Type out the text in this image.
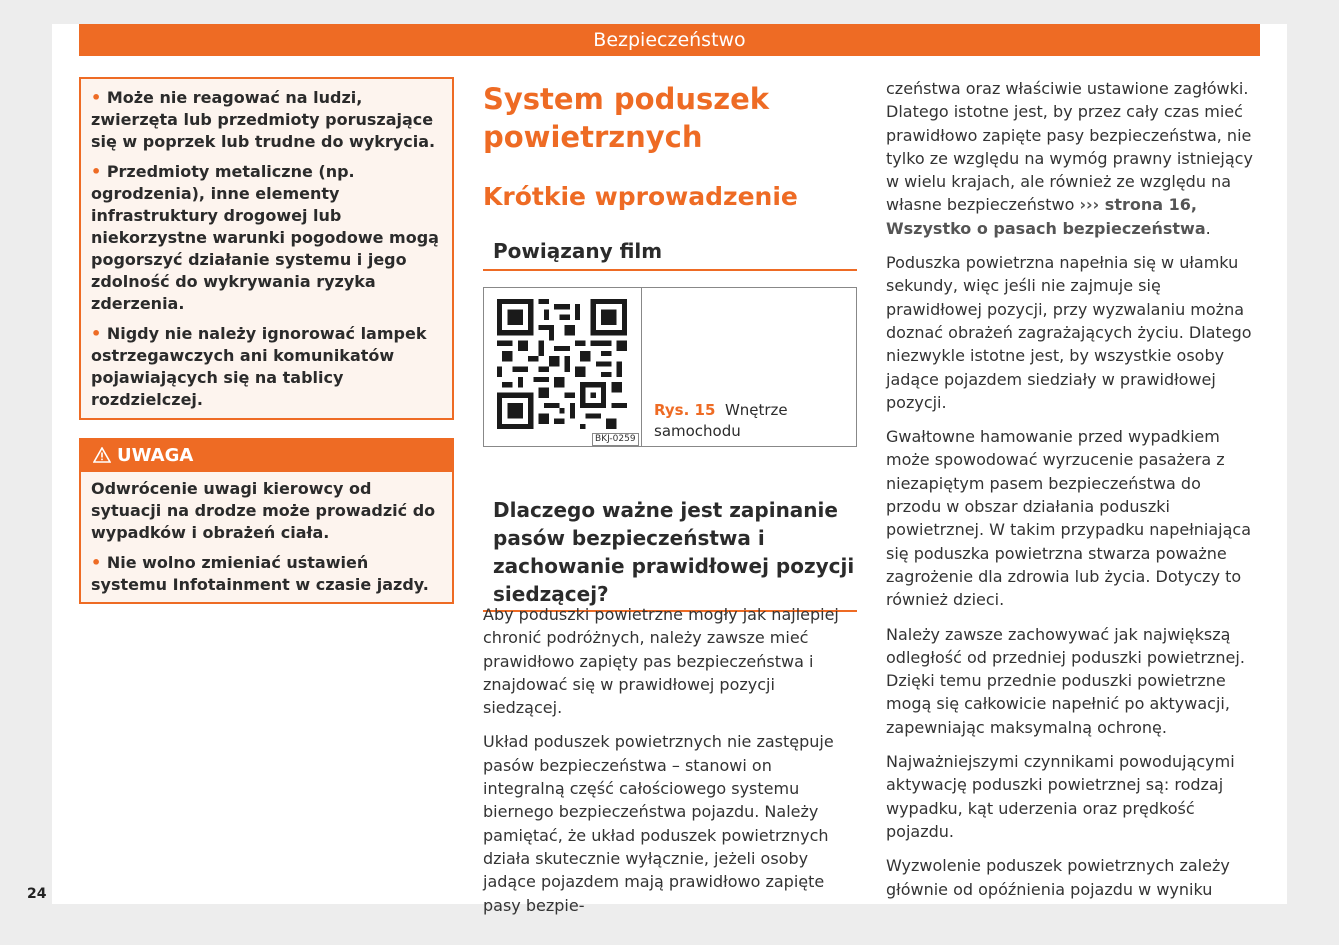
Bezpieczeństwo

• Może nie reagować na ludzi, zwierzęta lub przedmioty poruszające się w poprzek lub trudne do wykrycia.

• Przedmioty metaliczne (np. ogrodzenia), inne elementy infrastruktury drogowej lub niekorzystne warunki pogodowe mogą pogorszyć działanie systemu i jego zdolność do wykrywania ryzyka zderzenia.

• Nigdy nie należy ignorować lampek ostrzegawczych ani komunikatów pojawiających się na tablicy rozdzielczej.

UWAGA

Odwrócenie uwagi kierowcy od sytuacji na drodze może prowadzić do wypadków i obrażeń ciała.

• Nie wolno zmieniać ustawień systemu Infotainment w czasie jazdy.

System poduszek powietrznych
Krótkie wprowadzenie
Powiązany film
BKJ-0259
Rys. 15 Wnętrze samochodu
Dlaczego ważne jest zapinanie pasów bezpieczeństwa i zachowanie prawidłowej pozycji siedzącej?

Aby poduszki powietrzne mogły jak najlepiej chronić podróżnych, należy zawsze mieć prawidłowo zapięty pas bezpieczeństwa i znajdować się w prawidłowej pozycji siedzącej.

Układ poduszek powietrznych nie zastępuje pasów bezpieczeństwa – stanowi on integralną część całościowego systemu biernego bezpieczeństwa pojazdu. Należy pamiętać, że układ poduszek powietrznych działa skutecznie wyłącznie, jeżeli osoby jadące pojazdem mają prawidłowo zapięte pasy bezpie-

czeństwa oraz właściwie ustawione zagłówki. Dlatego istotne jest, by przez cały czas mieć prawidłowo zapięte pasy bezpieczeństwa, nie tylko ze względu na wymóg prawny istniejący w wielu krajach, ale również ze względu na własne bezpieczeństwo ››› strona 16, Wszystko o pasach bezpieczeństwa.

Poduszka powietrzna napełnia się w ułamku sekundy, więc jeśli nie zajmuje się prawidłowej pozycji, przy wyzwalaniu można doznać obrażeń zagrażających życiu. Dlatego niezwykle istotne jest, by wszystkie osoby jadące pojazdem siedziały w prawidłowej pozycji.

Gwałtowne hamowanie przed wypadkiem może spowodować wyrzucenie pasażera z niezapiętym pasem bezpieczeństwa do przodu w obszar działania poduszki powietrznej. W takim przypadku napełniająca się poduszka powietrzna stwarza poważne zagrożenie dla zdrowia lub życia. Dotyczy to również dzieci.

Należy zawsze zachowywać jak największą odległość od przedniej poduszki powietrznej. Dzięki temu przednie poduszki powietrzne mogą się całkowicie napełnić po aktywacji, zapewniając maksymalną ochronę.

Najważniejszymi czynnikami powodującymi aktywację poduszki powietrznej są: rodzaj wypadku, kąt uderzenia oraz prędkość pojazdu.

Wyzwolenie poduszek powietrznych zależy głównie od opóźnienia pojazdu w wyniku

24
